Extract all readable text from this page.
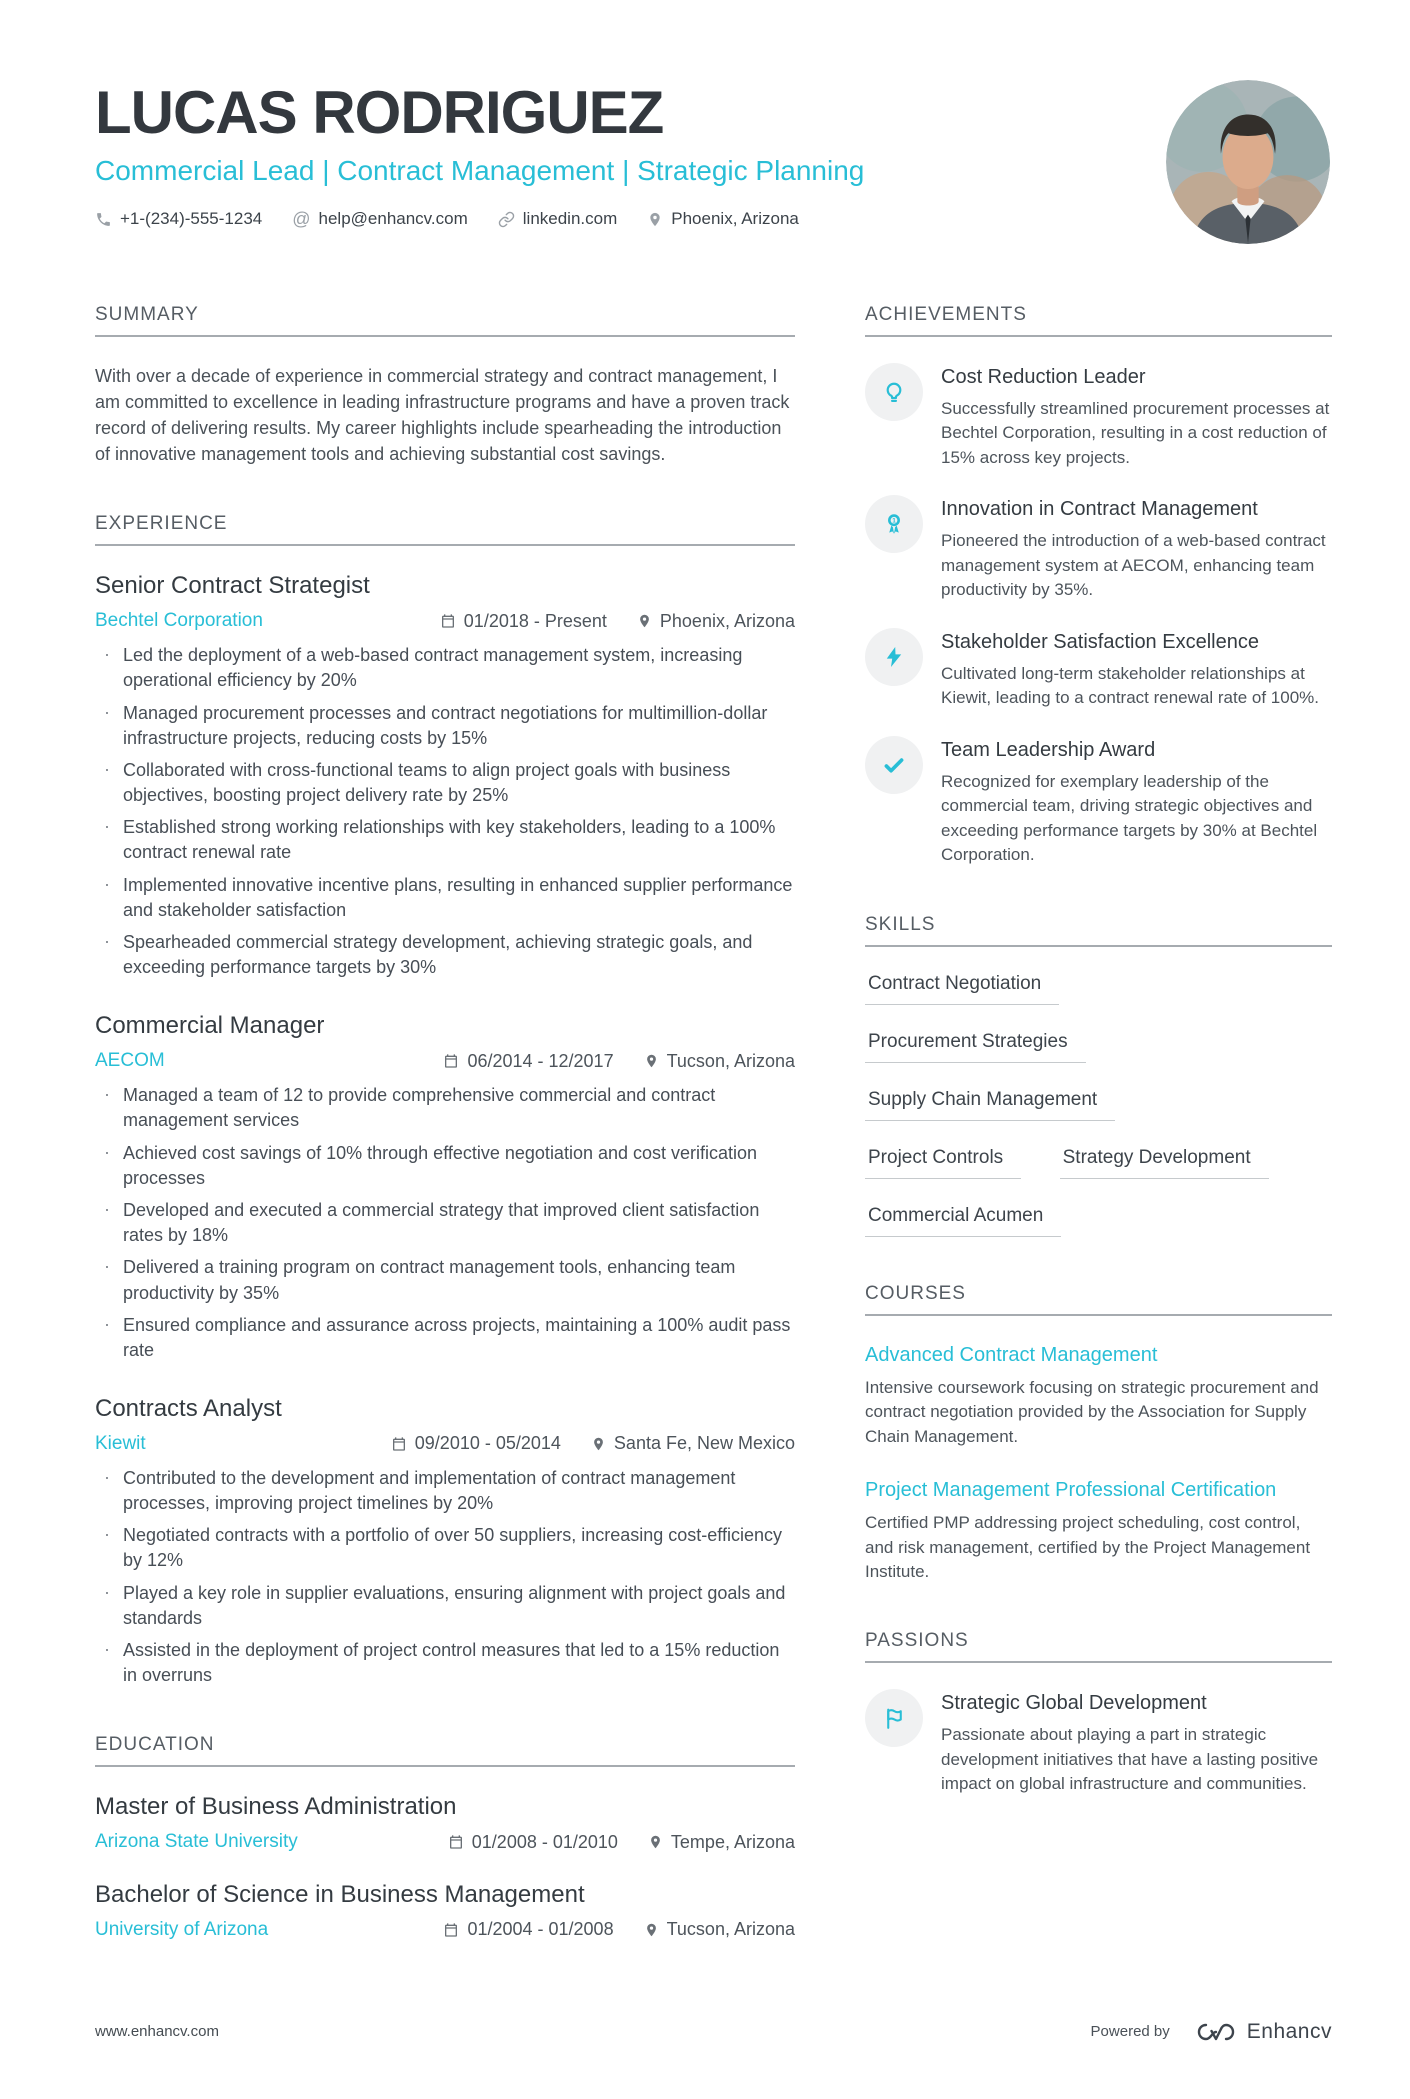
LUCAS RODRIGUEZ
Commercial Lead | Contract Management | Strategic Planning
+1-(234)-555-1234 @ help@enhancv.com	linkedin.com	Phoenix, Arizona
SUMMARY

With over a decade of experience in commercial strategy and contract management, I am committed to excellence in leading infrastructure programs and have a proven track record of delivering results. My career highlights include spearheading the introduction of innovative management tools and achieving substantial cost savings.

EXPERIENCE
Senior Contract Strategist
Bechtel Corporation	01/2018 - Present	Phoenix, Arizona
· Led the deployment of a web-based contract management system, increasing operational efficiency by 20%
· Managed procurement processes and contract negotiations for multimillion-dollar infrastructure projects, reducing costs by 15%
· Collaborated with cross-functional teams to align project goals with business objectives, boosting project delivery rate by 25%
· Established strong working relationships with key stakeholders, leading to a 100% contract renewal rate
· Implemented innovative incentive plans, resulting in enhanced supplier performance and stakeholder satisfaction
· Spearheaded commercial strategy development, achieving strategic goals, and exceeding performance targets by 30%
Commercial Manager
AECOM	06/2014 - 12/2017	Tucson, Arizona
· Managed a team of 12 to provide comprehensive commercial and contract management services
· Achieved cost savings of 10% through effective negotiation and cost verification processes
· Developed and executed a commercial strategy that improved client satisfaction rates by 18%
· Delivered a training program on contract management tools, enhancing team productivity by 35%
· Ensured compliance and assurance across projects, maintaining a 100% audit pass rate
Contracts Analyst
Kiewit	09/2010 - 05/2014	Santa Fe, New Mexico
· Contributed to the development and implementation of contract management processes, improving project timelines by 20%
· Negotiated contracts with a portfolio of over 50 suppliers, increasing cost-efficiency by 12%
· Played a key role in supplier evaluations, ensuring alignment with project goals and standards
· Assisted in the deployment of project control measures that led to a 15% reduction in overruns
EDUCATION
Master of Business Administration
Arizona State University	01/2008 - 01/2010	Tempe, Arizona
Bachelor of Science in Business Management
University of Arizona	01/2004 - 01/2008	Tucson, Arizona
ACHIEVEMENTS
Cost Reduction Leader
Successfully streamlined procurement processes at Bechtel Corporation, resulting in a cost reduction of 15% across key projects.
1
Innovation in Contract Management
Pioneered the introduction of a web-based contract management system at AECOM, enhancing team productivity by 35%.
Stakeholder Satisfaction Excellence
Cultivated long-term stakeholder relationships at Kiewit, leading to a contract renewal rate of 100%.
Team Leadership Award
Recognized for exemplary leadership of the commercial team, driving strategic objectives and exceeding performance targets by 30% at Bechtel Corporation.
SKILLS
Contract Negotiation
Procurement Strategies
Supply Chain Management
Project Controls	Strategy Development
Commercial Acumen
COURSES
Advanced Contract Management
Intensive coursework focusing on strategic procurement and contract negotiation provided by the Association for Supply Chain Management.
Project Management Professional Certification
Certified PMP addressing project scheduling, cost control, and risk management, certified by the Project Management Institute.
PASSIONS
Strategic Global Development
Passionate about playing a part in strategic development initiatives that have a lasting positive impact on global infrastructure and communities.
www.enhancv.com	Powered by	Enhancv
